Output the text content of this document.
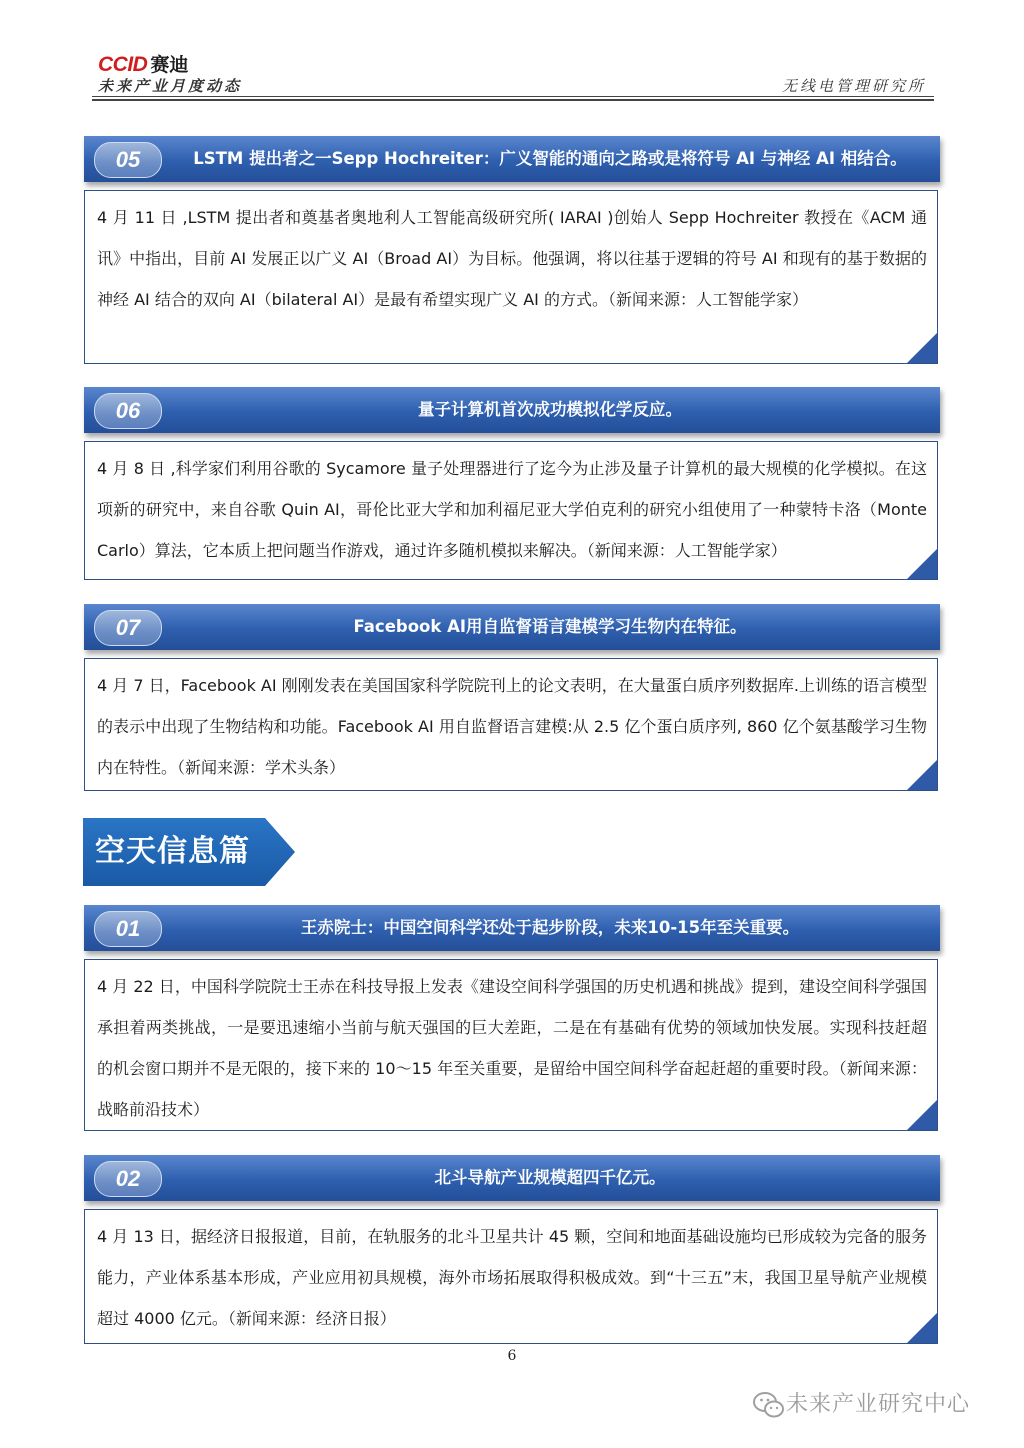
CCID 赛迪
未来产业月度动态	无线电管理研究所
05	LSTM 提出者之一Sepp Hochreiter：广义智能的通向之路或是将符号 AI 与神经 AI 相结合。

4 月 11 日 ,LSTM 提出者和奠基者奥地利人工智能高级研究所( IARAI )创始人 Sepp Hochreiter 教授在《ACM 通讯》中指出，目前 AI 发展正以广义 AI（Broad AI）为目标。他强调，将以往基于逻辑的符号 AI 和现有的基于数据的神经 AI 结合的双向 AI（bilateral AI）是最有希望实现广义 AI 的方式。（新闻来源：人工智能学家）

06	量子计算机首次成功模拟化学反应。

4 月 8 日 ,科学家们利用谷歌的 Sycamore 量子处理器进行了迄今为止涉及量子计算机的最大规模的化学模拟。在这项新的研究中，来自谷歌 Quin AI，哥伦比亚大学和加利福尼亚大学伯克利的研究小组使用了一种蒙特卡洛（Monte Carlo）算法，它本质上把问题当作游戏，通过许多随机模拟来解决。（新闻来源：人工智能学家）

07	Facebook AI用自监督语言建模学习生物内在特征。

4 月 7 日，Facebook AI 刚刚发表在美国国家科学院院刊上的论文表明，在大量蛋白质序列数据库.上训练的语言模型的表示中出现了生物结构和功能。Facebook AI 用自监督语言建模:从 2.5 亿个蛋白质序列, 860 亿个氨基酸学习生物内在特性。（新闻来源：学术头条）

空天信息篇
01	王赤院士：中国空间科学还处于起步阶段，未来10-15年至关重要。

4 月 22 日，中国科学院院士王赤在科技导报上发表《建设空间科学强国的历史机遇和挑战》提到，建设空间科学强国承担着两类挑战，一是要迅速缩小当前与航天强国的巨大差距，二是在有基础有优势的领域加快发展。实现科技赶超的机会窗口期并不是无限的，接下来的 10～15 年至关重要，是留给中国空间科学奋起赶超的重要时段。（新闻来源：战略前沿技术）

02	北斗导航产业规模超四千亿元。

4 月 13 日，据经济日报报道，目前，在轨服务的北斗卫星共计 45 颗，空间和地面基础设施均已形成较为完备的服务能力，产业体系基本形成，产业应用初具规模，海外市场拓展取得积极成效。到“十三五”末，我国卫星导航产业规模超过 4000 亿元。（新闻来源：经济日报）

6
未来产业研究中心
